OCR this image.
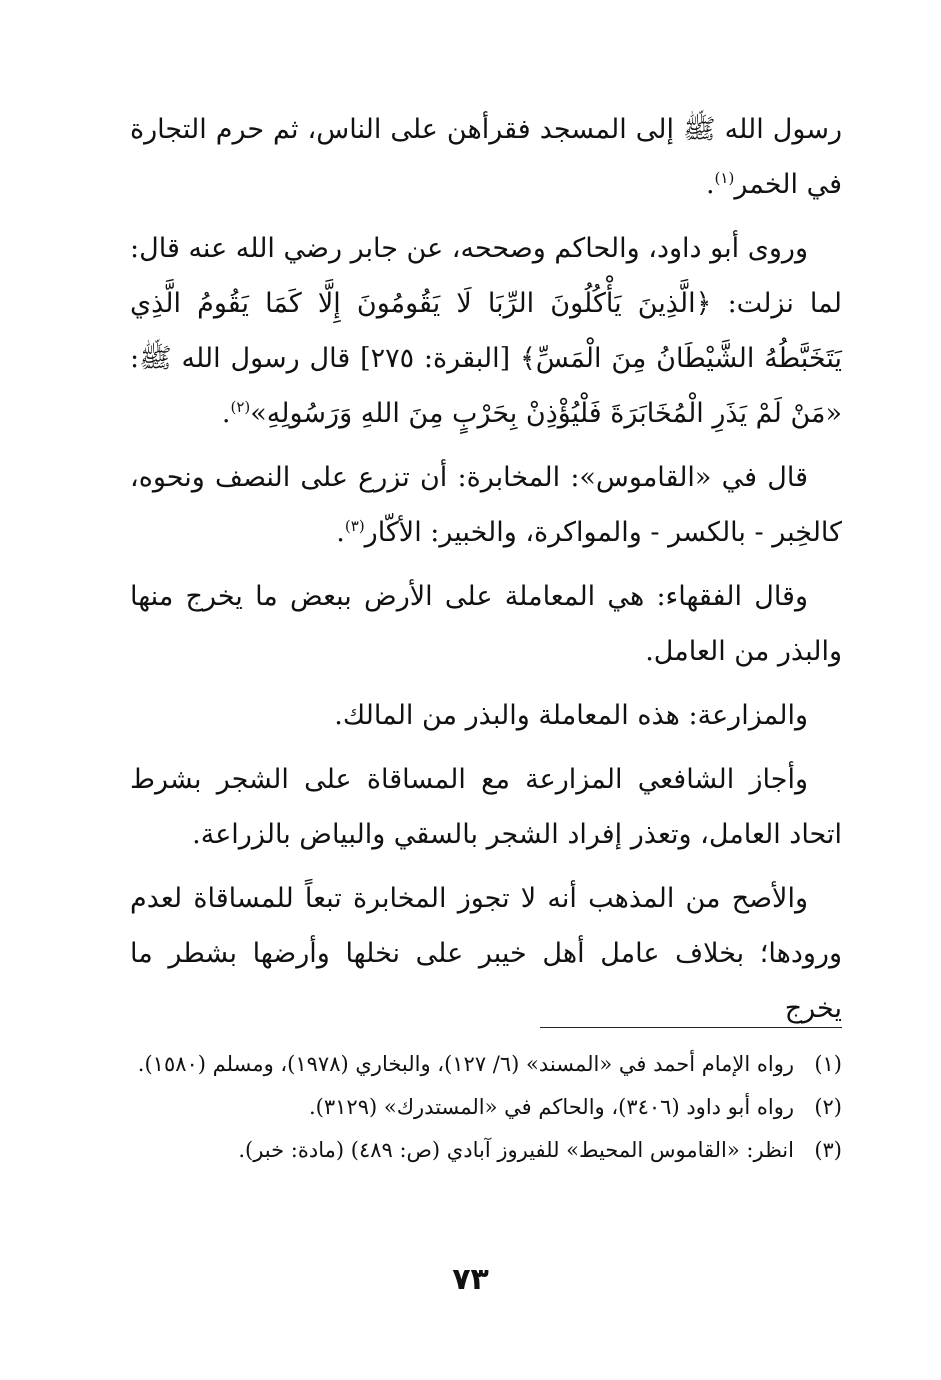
رسول الله ﷺ إلى المسجد فقرأهن على الناس، ثم حرم التجارة في الخمر$^{(١)}$.

وروى أبو داود، والحاكم وصححه، عن جابر رضي الله عنه قال: لما نزلت: ﴿الَّذِينَ يَأْكُلُونَ الرِّبَا لَا يَقُومُونَ إِلَّا كَمَا يَقُومُ الَّذِي يَتَخَبَّطُهُ الشَّيْطَانُ مِنَ الْمَسِّ﴾ [البقرة: ٢٧٥] قال رسول الله ﷺ: «مَنْ لَمْ يَذَرِ الْمُخَابَرَةَ فَلْيُؤْذِنْ بِحَرْبٍ مِنَ اللهِ وَرَسُولِهِ»$^{(٢)}$.

قال في «القاموس»: المخابرة: أن تزرع على النصف ونحوه، كالخِبر - بالكسر - والمواكرة، والخبير: الأكّار$^{(٣)}$.

وقال الفقهاء: هي المعاملة على الأرض ببعض ما يخرج منها والبذر من العامل.

والمزارعة: هذه المعاملة والبذر من المالك.

وأجاز الشافعي المزارعة مع المساقاة على الشجر بشرط اتحاد العامل، وتعذر إفراد الشجر بالسقي والبياض بالزراعة.

والأصح من المذهب أنه لا تجوز المخابرة تبعاً للمساقاة لعدم ورودها؛ بخلاف عامل أهل خيبر على نخلها وأرضها بشطر ما يخرج

(١)
رواه الإمام أحمد في «المسند» (٦/ ١٢٧)، والبخاري (١٩٧٨)، ومسلم (١٥٨٠).
(٢)
رواه أبو داود (٣٤٠٦)، والحاكم في «المستدرك» (٣١٢٩).
(٣)
انظر: «القاموس المحيط» للفيروز آبادي (ص: ٤٨٩) (مادة: خبر).
٧٣
